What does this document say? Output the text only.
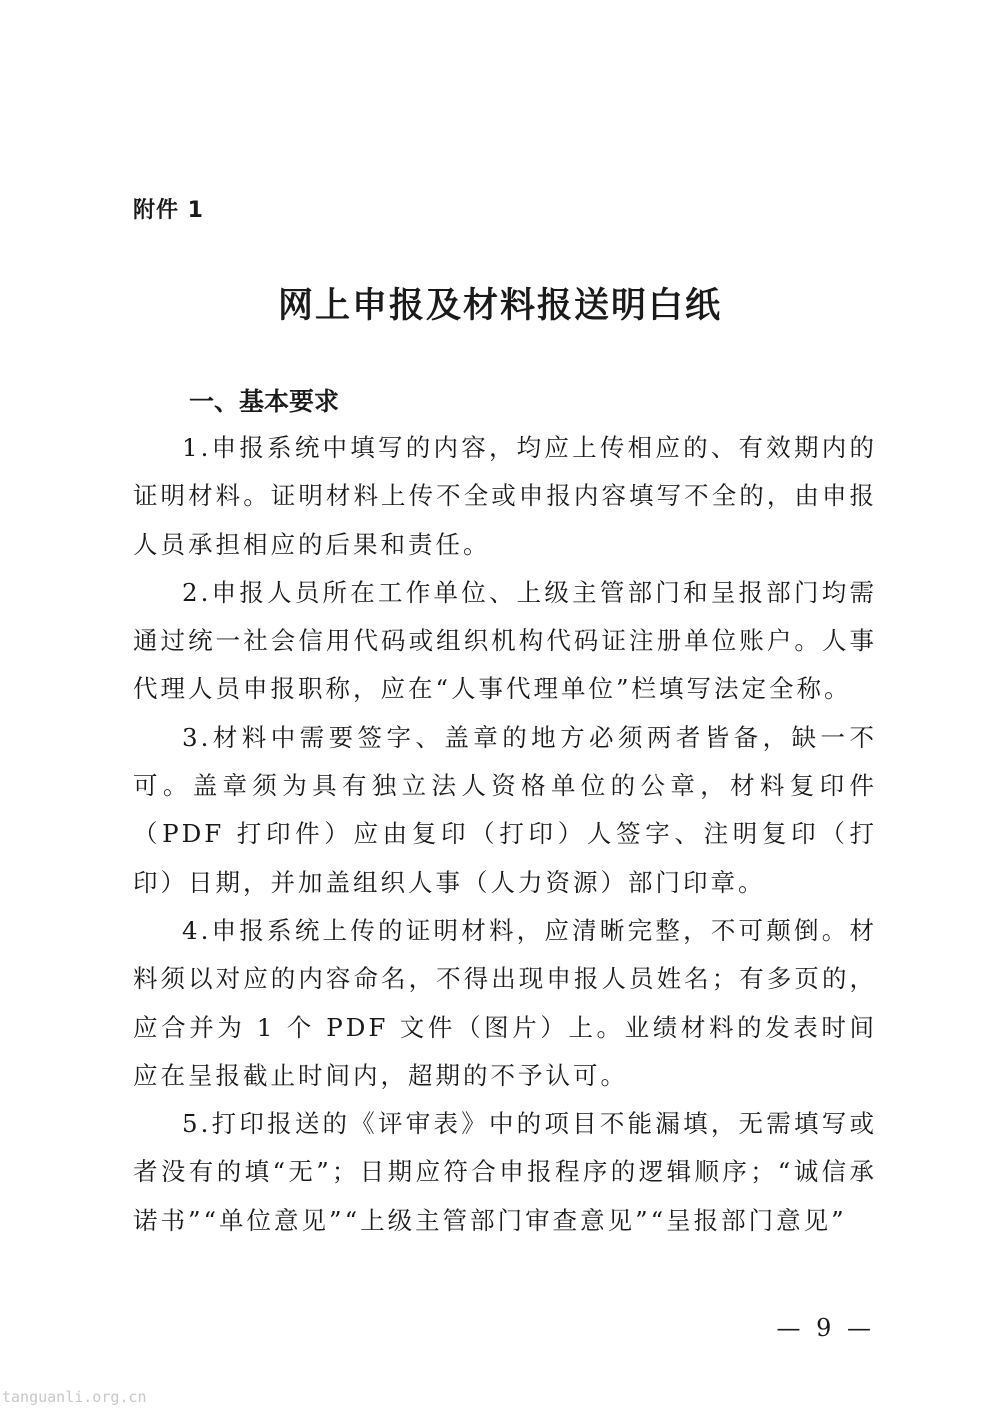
附件 1
网上申报及材料报送明白纸
一、基本要求

1.申报系统中填写的内容，均应上传相应的、有效期内的证明材料。证明材料上传不全或申报内容填写不全的，由申报人员承担相应的后果和责任。

2.申报人员所在工作单位、上级主管部门和呈报部门均需通过统一社会信用代码或组织机构代码证注册单位账户。人事代理人员申报职称，应在“人事代理单位”栏填写法定全称。

3.材料中需要签字、盖章的地方必须两者皆备，缺一不可。盖章须为具有独立法人资格单位的公章，材料复印件（PDF 打印件）应由复印（打印）人签字、注明复印（打印）日期，并加盖组织人事（人力资源）部门印章。

4.申报系统上传的证明材料，应清晰完整，不可颠倒。材料须以对应的内容命名，不得出现申报人员姓名；有多页的，应合并为 1 个 PDF 文件（图片）上。业绩材料的发表时间应在呈报截止时间内，超期的不予认可。

5.打印报送的《评审表》中的项目不能漏填，无需填写或者没有的填“无”；日期应符合申报程序的逻辑顺序；“诚信承诺书”“单位意见”“上级主管部门审查意见”“呈报部门意见”

— 9 —
tanguanli.org.cn
